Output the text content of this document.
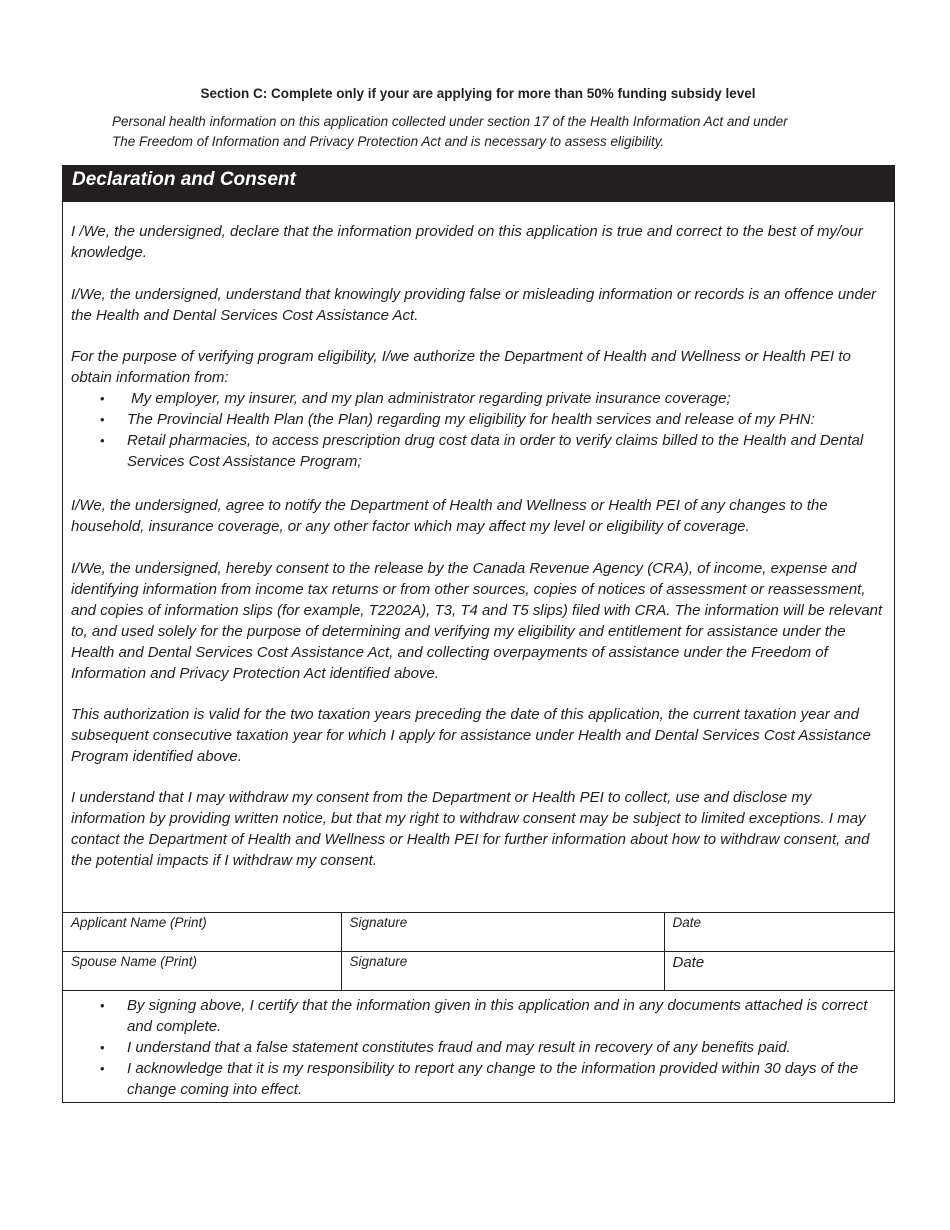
Section C: Complete only if your are applying for more than 50% funding subsidy level
Personal health information on this application collected under section 17 of the Health Information Act and under
The Freedom of Information and Privacy Protection Act and is necessary to assess eligibility.
Declaration and Consent

I /We, the undersigned, declare that the information provided on this application is true and correct to the best of my/our knowledge.

I/We, the undersigned, understand that knowingly providing false or misleading information or records is an offence under the Health and Dental Services Cost Assistance Act.

For the purpose of verifying program eligibility, I/we authorize the Department of Health and Wellness or Health PEI to obtain information from:

• My employer, my insurer, and my plan administrator regarding private insurance coverage;
• The Provincial Health Plan (the Plan) regarding my eligibility for health services and release of my PHN:
• Retail pharmacies, to access prescription drug cost data in order to verify claims billed to the Health and Dental Services Cost Assistance Program;

I/We, the undersigned, agree to notify the Department of Health and Wellness or Health PEI of any changes to the household, insurance coverage, or any other factor which may affect my level or eligibility of coverage.

I/We, the undersigned, hereby consent to the release by the Canada Revenue Agency (CRA), of income, expense and identifying information from income tax returns or from other sources, copies of notices of assessment or reassessment, and copies of information slips (for example, T2202A), T3, T4 and T5 slips) filed with CRA. The information will be relevant to, and used solely for the purpose of determining and verifying my eligibility and entitlement for assistance under the Health and Dental Services Cost Assistance Act, and collecting overpayments of assistance under the Freedom of Information and Privacy Protection Act identified above.

This authorization is valid for the two taxation years preceding the date of this application, the current taxation year and subsequent consecutive taxation year for which I apply for assistance under Health and Dental Services Cost Assistance Program identified above.

I understand that I may withdraw my consent from the Department or Health PEI to collect, use and disclose my information by providing written notice, but that my right to withdraw consent may be subject to limited exceptions. I may contact the Department of Health and Wellness or Health PEI for further information about how to withdraw consent, and the potential impacts if I withdraw my consent.

Applicant Name (Print)	Signature	Date
Spouse Name (Print)	Signature	Date
• By signing above, I certify that the information given in this application and in any documents attached is correct and complete.
• I understand that a false statement constitutes fraud and may result in recovery of any benefits paid.
• I acknowledge that it is my responsibility to report any change to the information provided within 30 days of the change coming into effect.
